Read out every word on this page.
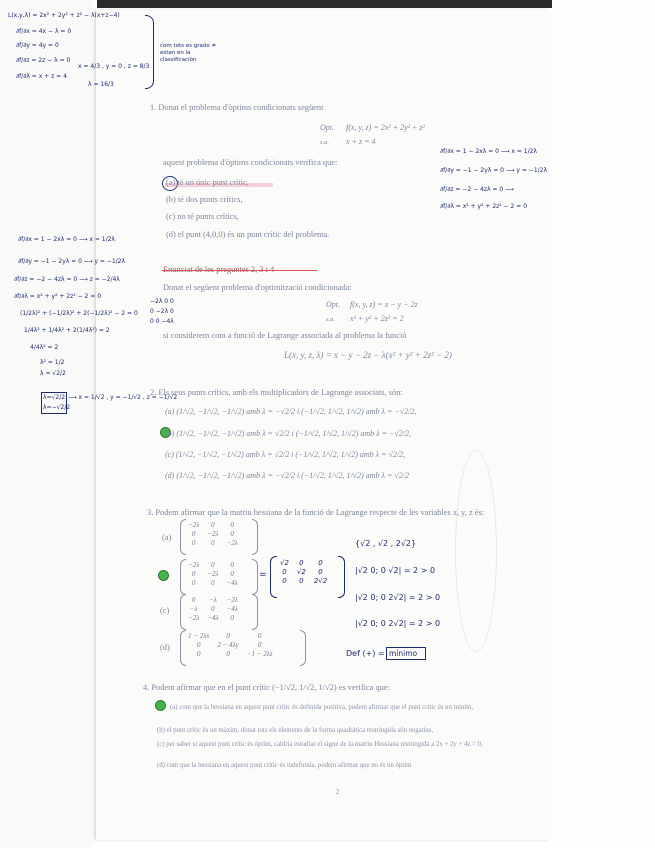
L(x,y,λ) = 2x² + 2y² + z² − λ(x+z−4)
∂f/∂x = 4x − λ = 0
∂f/∂y = 4y = 0
∂f/∂z = 2z − λ = 0
∂f/∂λ = x + z = 4
x = 4/3 , y = 0 , z = 8/3
λ = 16/3
com tots es grado ≠ estan en la classificación
1. Donat el problema d'òptims condicionats següent
Opt. f(x, y, z) = 2x² + 2y² + z²
s.a. x + z = 4
aquest problema d'òptims condicionats verifica que:
(a) té un únic punt crític,
(b) té dos punts crítics,
(c) no té punts crítics,
(d) el punt (4,0,0) és un punt crític del problema.
∂f/∂x = 1 − 2xλ = 0 ⟶ x = 1/2λ
∂f/∂y = −1 − 2yλ = 0 ⟶ y = −1/2λ
∂f/∂z = −2 − 4zλ = 0 ⟶
∂f/∂λ = x² + y² + 2z² − 2 = 0
Donat el següent problema d'optimització condicionada:
Opt. f(x, y, z) = x − y − 2z
s.a. x² + y² + 2z² = 2
si considerem com a funció de Lagrange associada al problema la funció
L(x, y, z, λ) = x − y − 2z − λ(x² + y² + 2z² − 2)
∂f/∂x = 1 − 2xλ = 0 ⟶ x = 1/2λ
∂f/∂y = −1 − 2yλ = 0 ⟶ y = −1/2λ
∂f/∂z = −2 − 4zλ = 0 ⟶ z = −2/4λ
∂f/∂λ = x² + y² + 2z² − 2 = 0
(1/2λ)² + (−1/2λ)² + 2(−1/2λ)² − 2 = 0
1/4λ² + 1/4λ² + 2(1/4λ²) = 2
4/4λ² = 2
λ² = 1/2
λ = √2/2
−2λ 0 0
0 −2λ 0
0 0 −4λ
λ=√2/2
λ=−√2/2
⟶ x = 1/√2 , y = −1/√2 , z = −1/√2
2. Els seus punts crítics, amb els multiplicadors de Lagrange associats, són:
(a) (1/√2, −1/√2, −1/√2) amb λ = −√2/2 i (−1/√2, 1/√2, 1/√2) amb λ = −√2/2,
(b) (1/√2, −1/√2, −1/√2) amb λ = √2/2 i (−1/√2, 1/√2, 1/√2) amb λ = −√2/2,
(c) (1/√2, −1/√2, −1/√2) amb λ = √2/2 i (−1/√2, 1/√2, 1/√2) amb λ = √2/2,
(d) (1/√2, −1/√2, −1/√2) amb λ = −√2/2 i (−1/√2, 1/√2, 1/√2) amb λ = √2/2
3. Podem afirmar que la matriu hessiana de la funció de Lagrange respecte de les variables x, y, z és:
(a)
−2λ	0	0
0	−2λ	0
0	0	−2λ
−2λ	0	0
0	−2λ	0
0	0	−4λ
=
√2	0	0
0	√2	0
0	0	2√2
{√2 , √2 , 2√2}
|√2 0; 0 √2| = 2 > 0
|√2 0; 0 2√2| = 2 > 0
|√2 0; 0 2√2| = 2 > 0
Def (+) = mínimo
(c)
0	−λ	−2λ
−λ	0	−4λ
−2λ	−4λ	0
(d)
1 − 2λx	0	0
0	2 − 4λy	0
0	0	−1 − 2λz
4. Podem afirmar que en el punt crític (−1/√2, 1/√2, 1/√2) es verifica que:
(a) com que la hessiana en aquest punt crític és definida positiva, podem afirmar que el punt crític és un mínim,
(b) el punt crític és un màxim, donat tots els elements de la forma quadràtica restringida són negatius,
(c) per saber si aquest punt crític és òptim, caldria estudiar el signe de la matriu Hessiana restringida a 2x + 2y + 4z = 0,
(d) com que la hessiana en aquest punt crític és indefinida, podem afirmar que no és un òptim
2
